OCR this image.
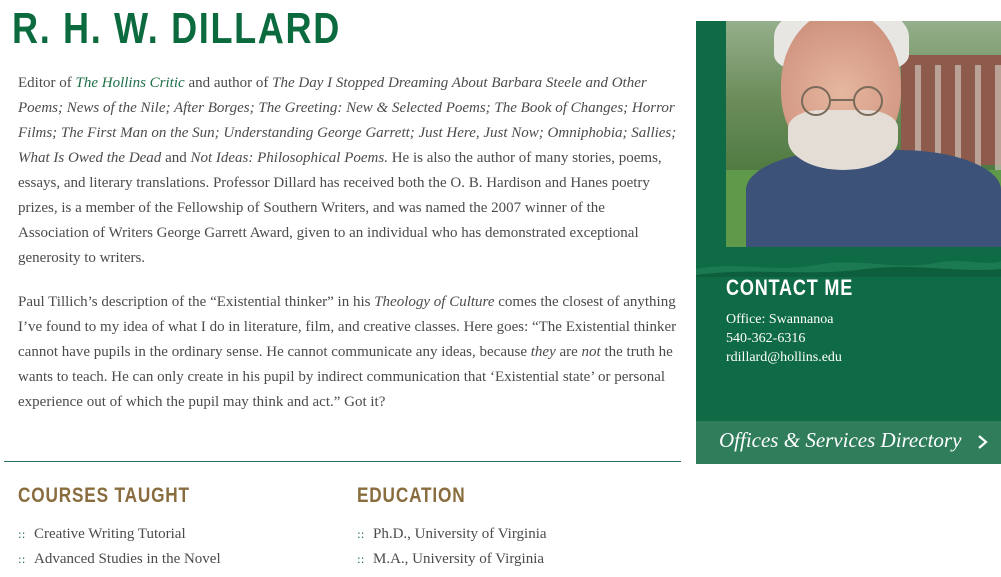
R. H. W. DILLARD

Editor of The Hollins Critic and author of The Day I Stopped Dreaming About Barbara Steele and Other Poems; News of the Nile; After Borges; The Greeting: New & Selected Poems; The Book of Changes; Horror Films; The First Man on the Sun; Understanding George Garrett; Just Here, Just Now; Omniphobia; Sallies; What Is Owed the Dead and Not Ideas: Philosophical Poems. He is also the author of many stories, poems, essays, and literary translations. Professor Dillard has received both the O. B. Hardison and Hanes poetry prizes, is a member of the Fellowship of Southern Writers, and was named the 2007 winner of the Association of Writers George Garrett Award, given to an individual who has demonstrated exceptional generosity to writers.

Paul Tillich’s description of the “Existential thinker” in his Theology of Culture comes the closest of anything I’ve found to my idea of what I do in literature, film, and creative classes. Here goes: “The Existential thinker cannot have pupils in the ordinary sense. He cannot communicate any ideas, because they are not the truth he wants to teach. He can only create in his pupil by indirect communication that ‘Existential state’ or personal experience out of which the pupil may think and act.” Got it?

COURSES TAUGHT
:: Creative Writing Tutorial
:: Advanced Studies in the Novel
EDUCATION
:: Ph.D., University of Virginia
:: M.A., University of Virginia
CONTACT ME
Office: Swannanoa
540-362-6316
rdillard@hollins.edu
Offices & Services Directory
